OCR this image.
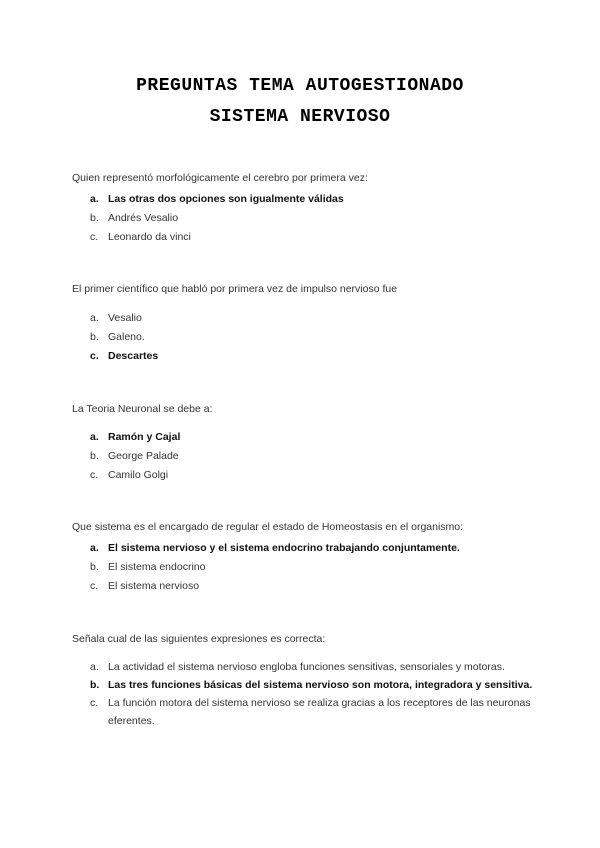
PREGUNTAS TEMA AUTOGESTIONADO
SISTEMA NERVIOSO

Quien representó morfológicamente el cerebro por primera vez:

a. Las otras dos opciones son igualmente válidas
b. Andrés Vesalio
c. Leonardo da vinci

El primer científico que habló por primera vez de impulso nervioso fue

a. Vesalio
b. Galeno.
c. Descartes

La Teoria Neuronal se debe a:

a. Ramón y Cajal
b. George Palade
c. Camilo Golgi

Que sistema es el encargado de regular el estado de Homeostasis en el organismo:

a. El sistema nervioso y el sistema endocrino trabajando conjuntamente.
b. El sistema endocrino
c. El sistema nervioso

Señala cual de las siguientes expresiones es correcta:

a. La actividad el sistema nervioso engloba funciones sensitivas, sensoriales y motoras.
b. Las tres funciones básicas del sistema nervioso son motora, integradora y sensitiva.
c. La función motora del sistema nervioso se realiza gracias a los receptores de las neuronas eferentes.
